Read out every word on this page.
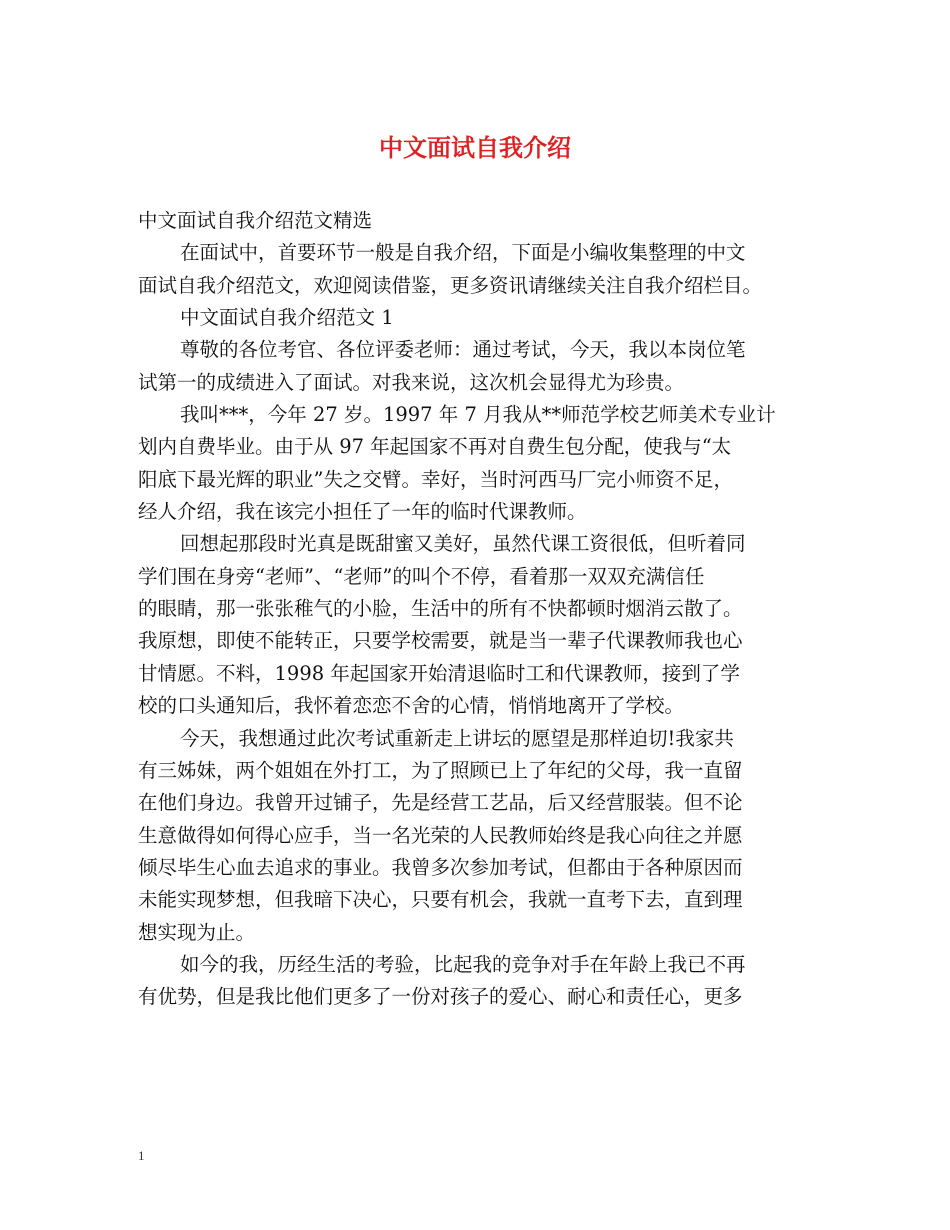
中文面试自我介绍
中文面试自我介绍范文精选
在面试中，首要环节一般是自我介绍，下面是小编收集整理的中文
面试自我介绍范文，欢迎阅读借鉴，更多资讯请继续关注自我介绍栏目。
中文面试自我介绍范文 1
尊敬的各位考官、各位评委老师：通过考试，今天，我以本岗位笔
试第一的成绩进入了面试。对我来说，这次机会显得尤为珍贵。
我叫***，今年 27 岁。1997 年 7 月我从**师范学校艺师美术专业计
划内自费毕业。由于从 97 年起国家不再对自费生包分配，使我与“太
阳底下最光辉的职业”失之交臂。幸好，当时河西马厂完小师资不足，
经人介绍，我在该完小担任了一年的临时代课教师。
回想起那段时光真是既甜蜜又美好，虽然代课工资很低，但听着同
学们围在身旁“老师”、“老师”的叫个不停，看着那一双双充满信任
的眼睛，那一张张稚气的小脸，生活中的所有不快都顿时烟消云散了。
我原想，即使不能转正，只要学校需要，就是当一辈子代课教师我也心
甘情愿。不料，1998 年起国家开始清退临时工和代课教师，接到了学
校的口头通知后，我怀着恋恋不舍的心情，悄悄地离开了学校。
今天，我想通过此次考试重新走上讲坛的愿望是那样迫切!我家共
有三姊妹，两个姐姐在外打工，为了照顾已上了年纪的父母，我一直留
在他们身边。我曾开过铺子，先是经营工艺品，后又经营服装。但不论
生意做得如何得心应手，当一名光荣的人民教师始终是我心向往之并愿
倾尽毕生心血去追求的事业。我曾多次参加考试，但都由于各种原因而
未能实现梦想，但我暗下决心，只要有机会，我就一直考下去，直到理
想实现为止。
如今的我，历经生活的考验，比起我的竞争对手在年龄上我已不再
有优势，但是我比他们更多了一份对孩子的爱心、耐心和责任心，更多
1
